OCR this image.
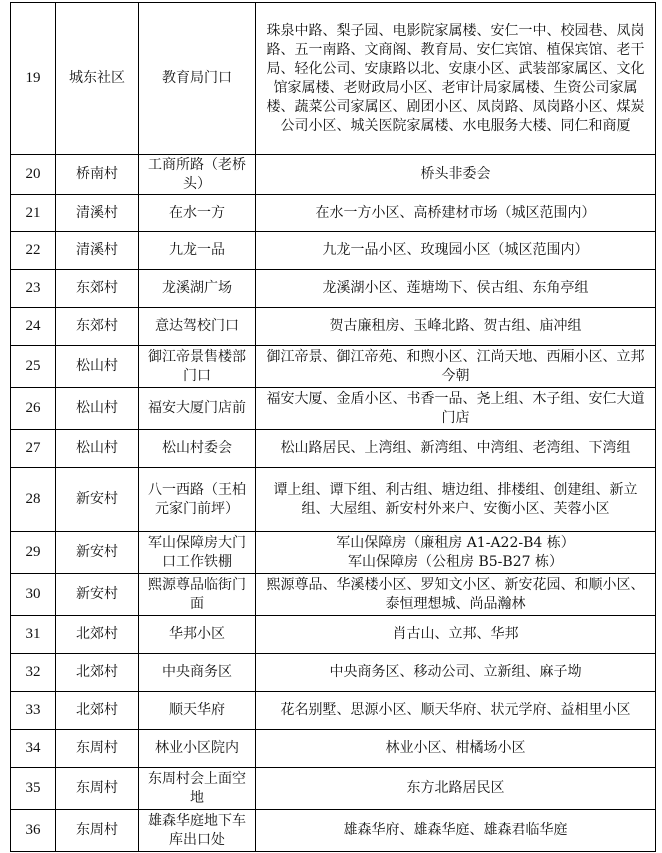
19	城东社区	教育局门口	珠泉中路、梨子园、电影院家属楼、安仁一中、校园巷、凤岗路、五一南路、文商阁、教育局、安仁宾馆、植保宾馆、老干局、轻化公司、安康路以北、安康小区、武装部家属区、文化馆家属楼、老财政局小区、老审计局家属楼、生资公司家属楼、蔬菜公司家属区、剧团小区、凤岗路、凤岗路小区、煤炭公司小区、城关医院家属楼、水电服务大楼、同仁和商厦
20	桥南村	工商所路（老桥头）	桥头非委会
21	清溪村	在水一方	在水一方小区、高桥建材市场（城区范围内）
22	清溪村	九龙一品	九龙一品小区、玫瑰园小区（城区范围内）
23	东郊村	龙溪湖广场	龙溪湖小区、莲塘坳下、侯古组、东角亭组
24	东郊村	意达驾校门口	贺古廉租房、玉峰北路、贺古组、庙冲组
25	松山村	御江帝景售楼部门口	御江帝景、御江帝苑、和煦小区、江尚天地、西厢小区、立邦今朝
26	松山村	福安大厦门店前	福安大厦、金盾小区、书香一品、尧上组、木子组、安仁大道门店
27	松山村	松山村委会	松山路居民、上湾组、新湾组、中湾组、老湾组、下湾组
28	新安村	八一西路（王柏元家门前坪）	谭上组、谭下组、利古组、塘边组、排楼组、创建组、新立组、大屋组、新安村外来户、安衡小区、芙蓉小区
29	新安村	军山保障房大门口工作铁棚	军山保障房（廉租房 A1-A22-B4 栋）
军山保障房（公租房 B5-B27 栋）
30	新安村	熙源尊品临街门面	熙源尊品、华溪楼小区、罗知文小区、新安花园、和顺小区、泰恒理想城、尚品瀚林
31	北郊村	华邦小区	肖古山、立邦、华邦
32	北郊村	中央商务区	中央商务区、移动公司、立新组、麻子坳
33	北郊村	顺天华府	花名别墅、思源小区、顺天华府、状元学府、益相里小区
34	东周村	林业小区院内	林业小区、柑橘场小区
35	东周村	东周村会上面空地	东方北路居民区
36	东周村	雄森华庭地下车库出口处	雄森华府、雄森华庭、雄森君临华庭
